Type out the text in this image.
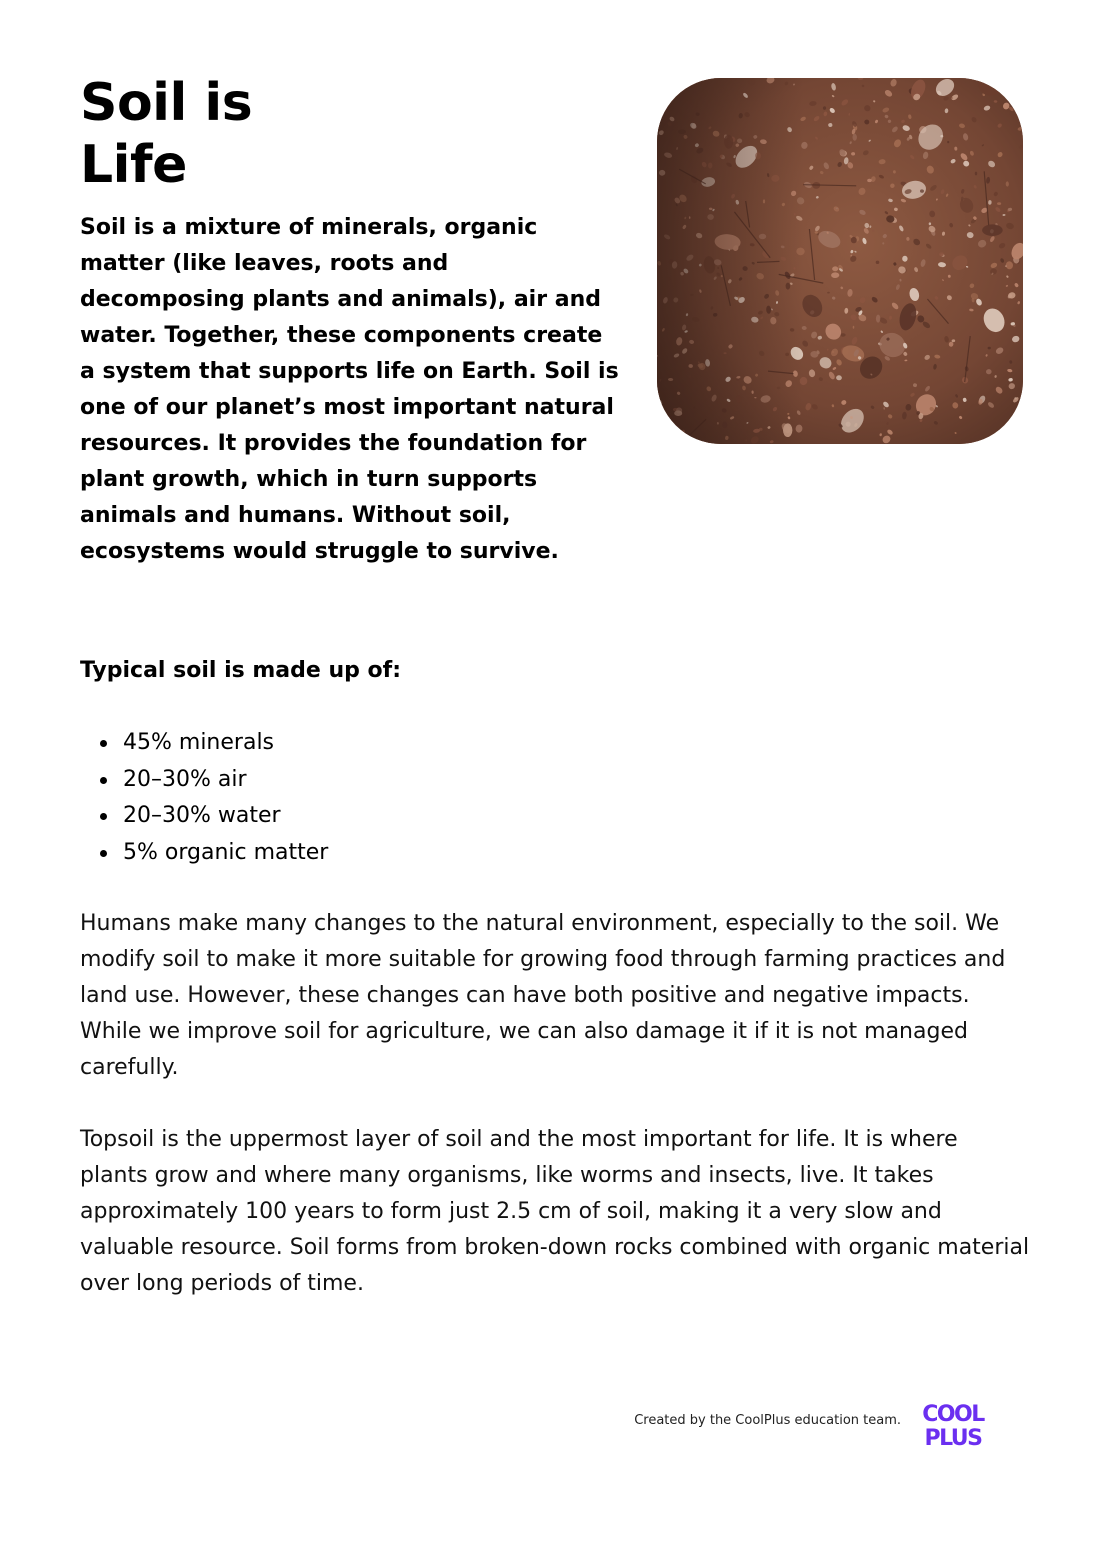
Soil is
Life

Soil is a mixture of minerals, organic matter (like leaves, roots and decomposing plants and animals), air and water. Together, these components create a system that supports life on Earth. Soil is one of our planet’s most important natural resources. It provides the foundation for plant growth, which in turn supports animals and humans. Without soil, ecosystems would struggle to survive.

Typical soil is made up of:
45% minerals
20–30% air
20–30% water
5% organic matter

Humans make many changes to the natural environment, especially to the soil. We modify soil to make it more suitable for growing food through farming practices and land use. However, these changes can have both positive and negative impacts. While we improve soil for agriculture, we can also damage it if it is not managed carefully.

Topsoil is the uppermost layer of soil and the most important for life. It is where plants grow and where many organisms, like worms and insects, live. It takes approximately 100 years to form just 2.5 cm of soil, making it a very slow and valuable resource. Soil forms from broken-down rocks combined with organic material over long periods of time.

Created by the CoolPlus education team. COOL
PLUS
